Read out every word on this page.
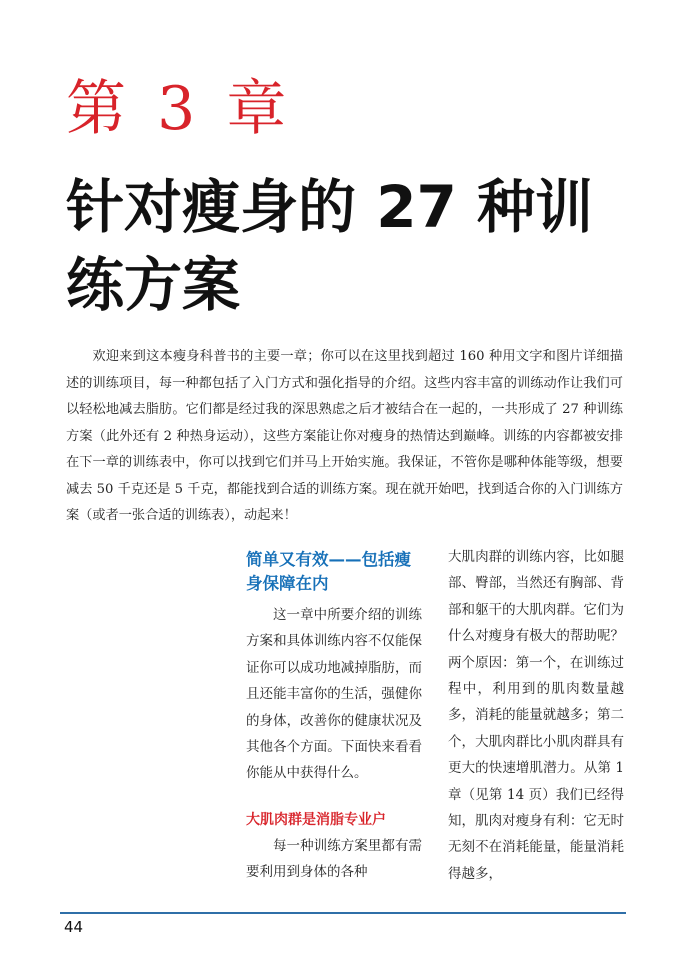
第 3 章
针对瘦身的 27 种训练方案

欢迎来到这本瘦身科普书的主要一章；你可以在这里找到超过 160 种用文字和图片详细描述的训练项目，每一种都包括了入门方式和强化指导的介绍。这些内容丰富的训练动作让我们可以轻松地减去脂肪。它们都是经过我的深思熟虑之后才被结合在一起的，一共形成了 27 种训练方案（此外还有 2 种热身运动），这些方案能让你对瘦身的热情达到巅峰。训练的内容都被安排在下一章的训练表中，你可以找到它们并马上开始实施。我保证，不管你是哪种体能等级，想要减去 50 千克还是 5 千克，都能找到合适的训练方案。现在就开始吧，找到适合你的入门训练方案（或者一张合适的训练表），动起来！

简单又有效——包括瘦身保障在内

这一章中所要介绍的训练方案和具体训练内容不仅能保证你可以成功地减掉脂肪，而且还能丰富你的生活，强健你的身体，改善你的健康状况及其他各个方面。下面快来看看你能从中获得什么。

大肌肉群是消脂专业户

每一种训练方案里都有需要利用到身体的各种

大肌肉群的训练内容，比如腿部、臀部，当然还有胸部、背部和躯干的大肌肉群。它们为什么对瘦身有极大的帮助呢？两个原因：第一个，在训练过程中，利用到的肌肉数量越多，消耗的能量就越多；第二个，大肌肉群比小肌肉群具有更大的快速增肌潜力。从第 1 章（见第 14 页）我们已经得知，肌肉对瘦身有利：它无时无刻不在消耗能量，能量消耗得越多，
44
